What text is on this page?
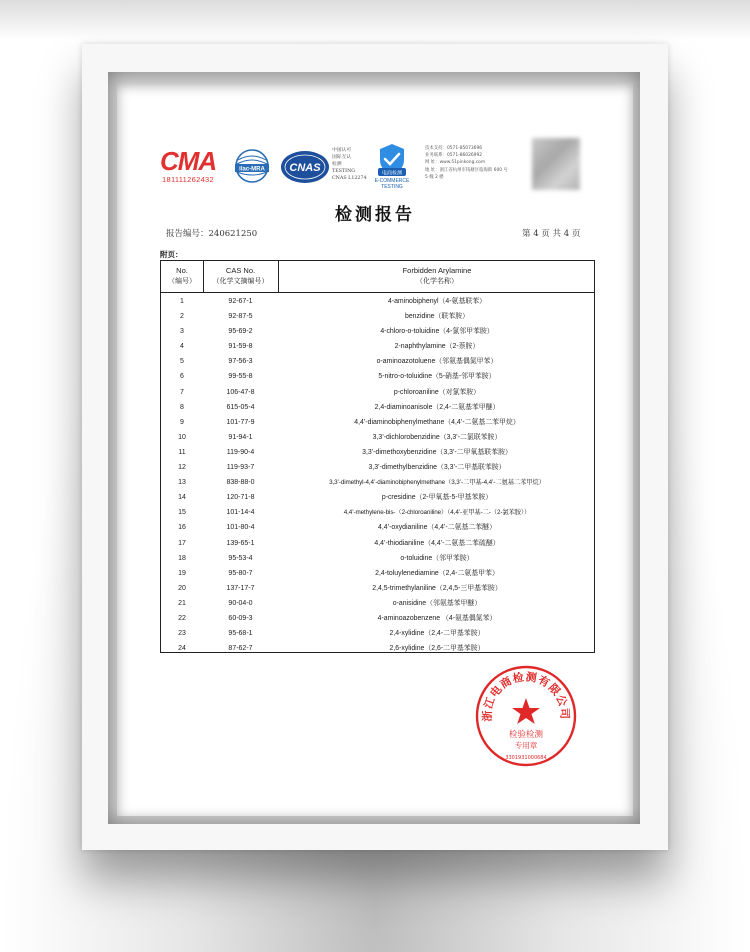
CMA
181111262432
ilac-MRA CNAS
中国认可
国际互认
检测
TESTING
CNAS L12274
电商检测
E-COMMERCE TESTING
技术支持：0571-85073696
业务联系：0571-86026992
网 址：www.51pinkong.com
地 址：浙江省杭州市钱塘区临海街 600 号
5 幢 2 楼
检测报告
报告编号：240621250	第 4 页 共 4 页
附页：
No.
（编号）
CAS No.
（化学文摘编号）
Forbidden Arylamine
（化学名称）
1	92-67-1	4-aminobiphenyl（4-氨基联苯）
2	92-87-5	benzidine（联苯胺）
3	95-69-2	4-chloro-o-toluidine（4-氯邻甲苯胺）
4	91-59-8	2-naphthylamine（2-萘胺）
5	97-56-3	o-aminoazotoluene（邻氨基偶氮甲苯）
6	99-55-8	5-nitro-o-toluidine（5-硝基-邻甲苯胺）
7	106-47-8	p-chloroaniline（对氯苯胺）
8	615-05-4	2,4-diaminoanisole（2,4-二氨基苯甲醚）
9	101-77-9	4,4’-diaminobiphenylmethane（4,4’-二氨基二苯甲烷）
10	91-94-1	3,3’-dichlorobenzidine（3,3’-二氯联苯胺）
11	119-90-4	3,3’-dimethoxybenzidine（3,3’-二甲氧基联苯胺）
12	119-93-7	3,3’-dimethylbenzidine（3,3’-二甲基联苯胺）
13	838-88-0	3,3’-dimethyl-4,4’-diaminobiphenylmethane（3,3’-二甲基-4,4’-二氨基二苯甲烷）
14	120-71-8	p-cresidine（2-甲氧基-5-甲基苯胺）
15	101-14-4	4,4’-methylene-bis-（2-chloroaniline）（4,4’-亚甲基-二-（2-氯苯胺））
16	101-80-4	4,4’-oxydianiline（4,4’-二氨基二苯醚）
17	139-65-1	4,4’-thiodianiline（4,4’-二氨基二苯硫醚）
18	95-53-4	o-toluidine（邻甲苯胺）
19	95-80-7	2,4-toluylenediamine（2,4-二氨基甲苯）
20	137-17-7	2,4,5-trimethylaniline（2,4,5-三甲基苯胺）
21	90-04-0	o-anisidine（邻氨基苯甲醚）
22	60-09-3	4-aminoazobenzene （4-氨基偶氮苯）
23	95-68-1	2,4-xylidine（2,4-二甲基苯胺）
24	87-62-7	2,6-xylidine（2,6-二甲基苯胺）
浙江电商检测有限公司
检验检测
专用章
3301931000684
